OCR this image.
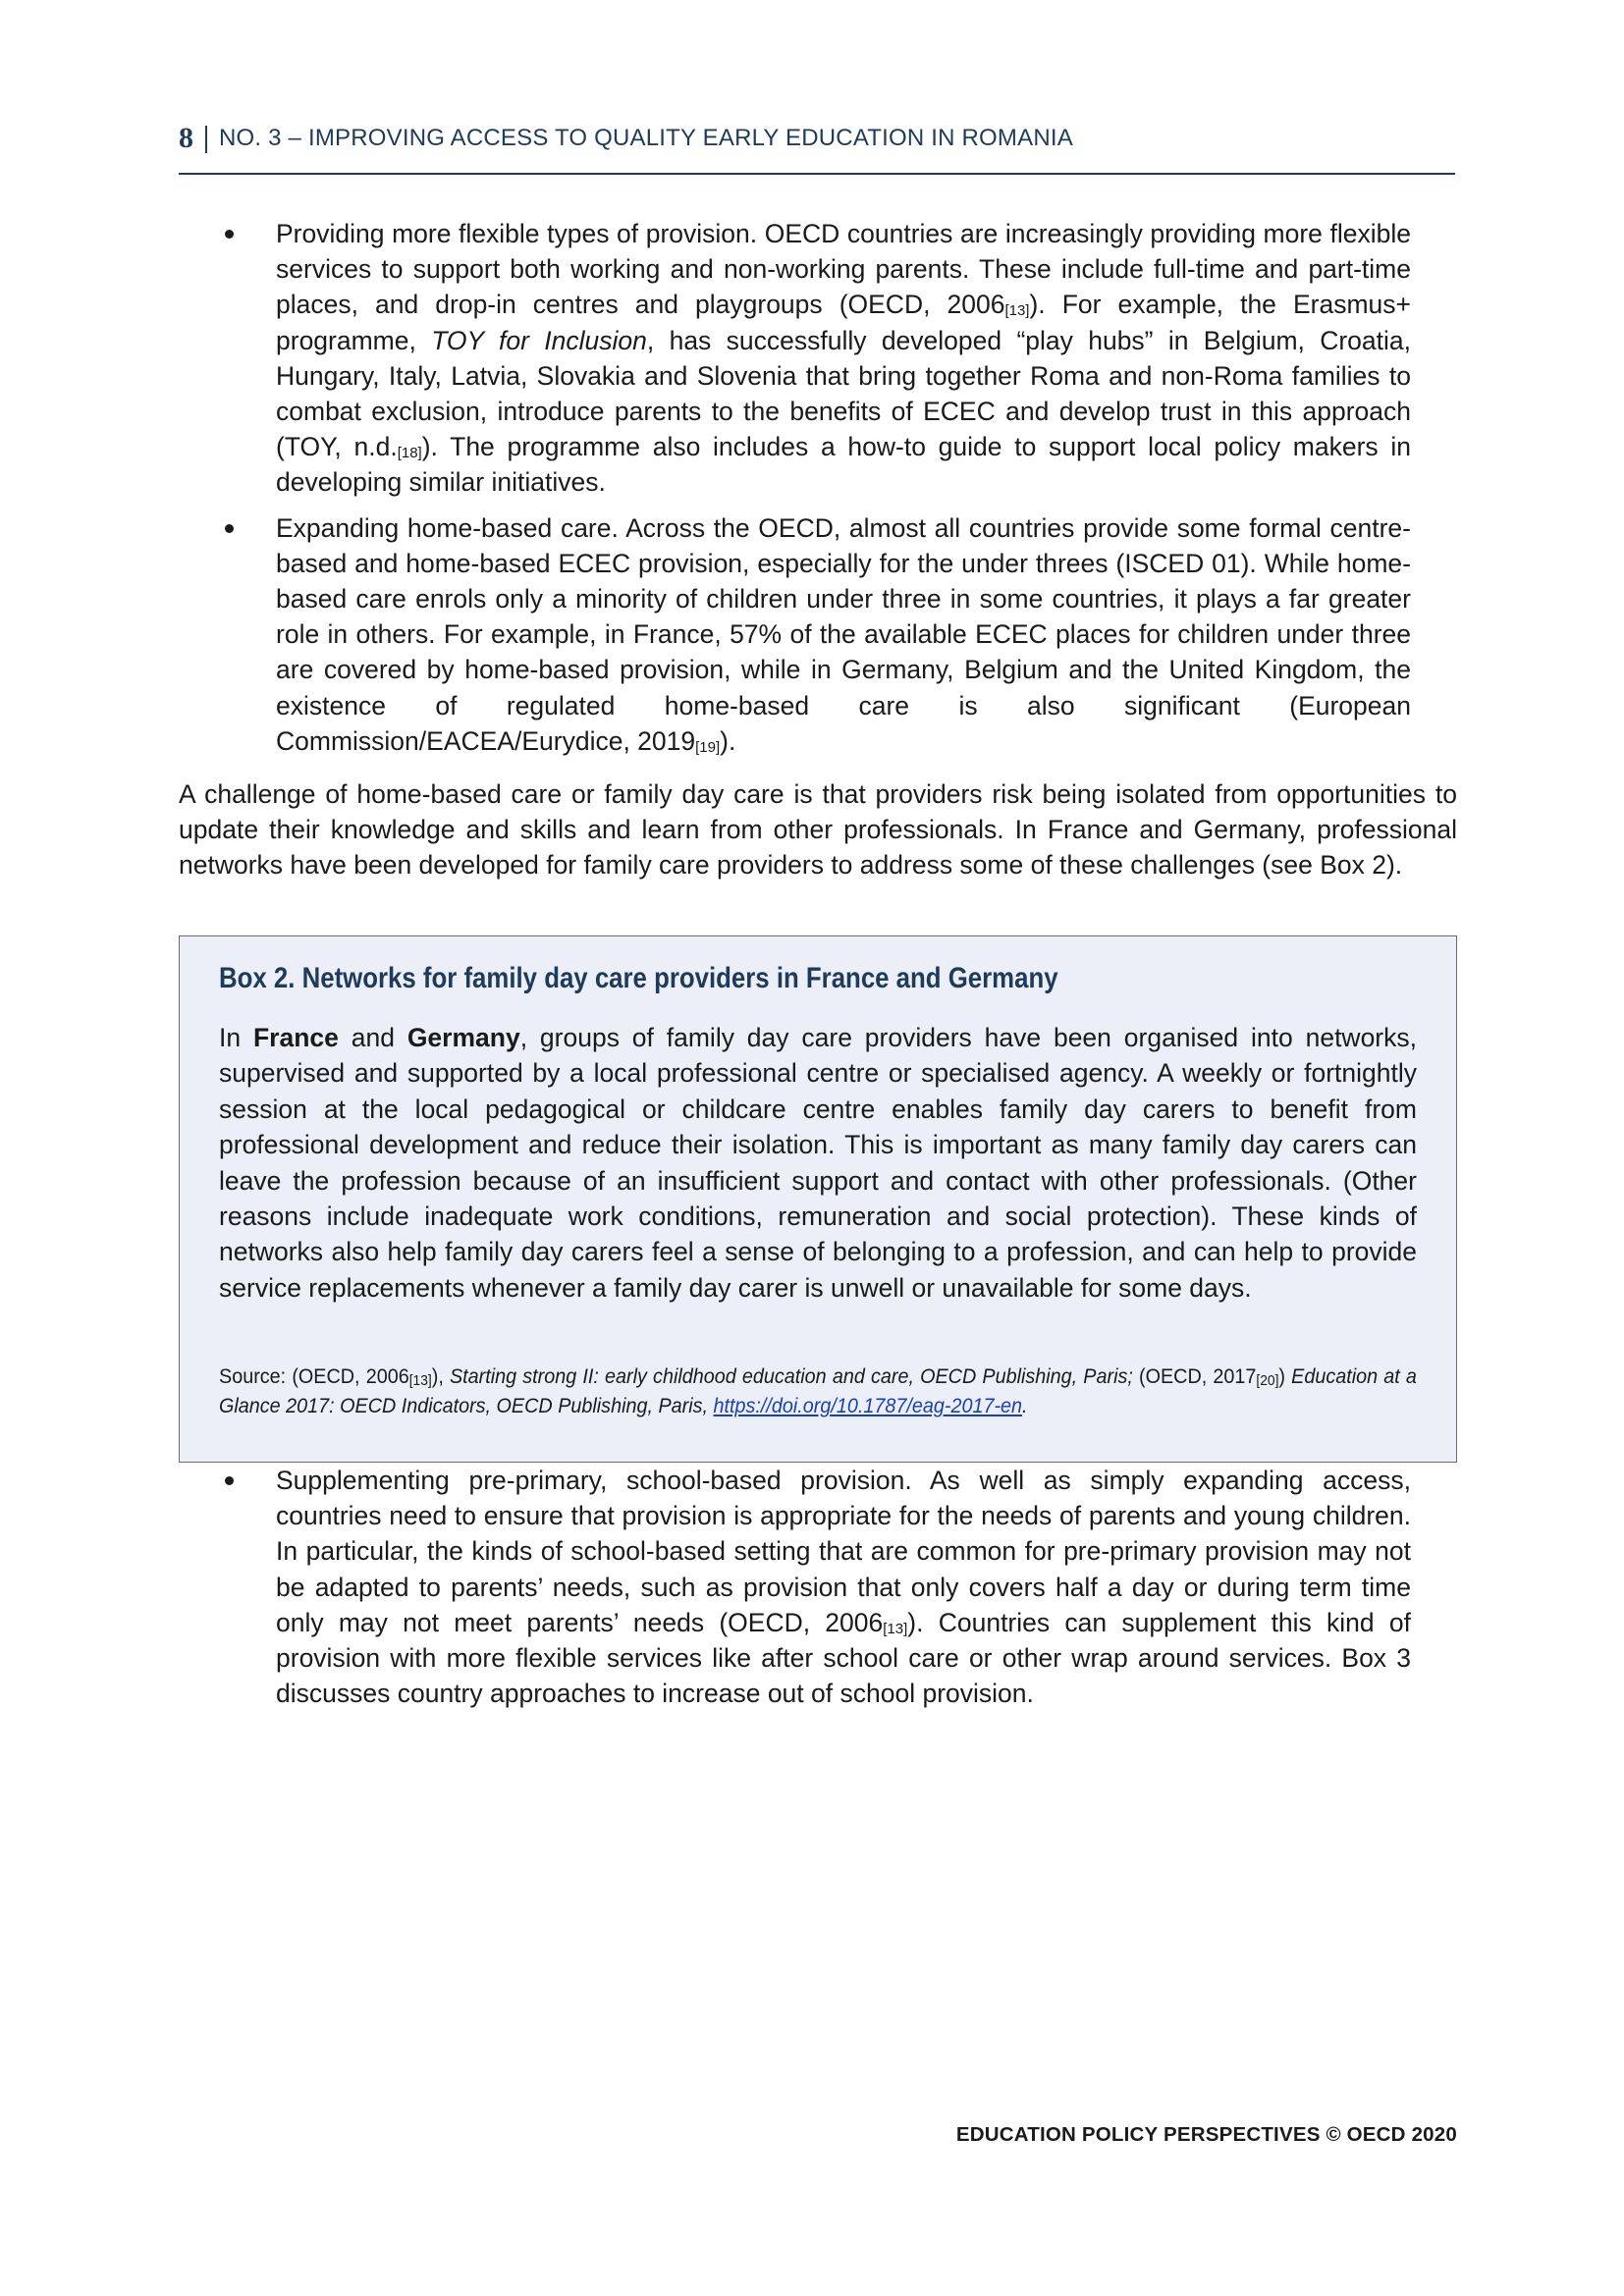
8 NO. 3 – IMPROVING ACCESS TO QUALITY EARLY EDUCATION IN ROMANIA
Providing more flexible types of provision. OECD countries are increasingly providing more flexible services to support both working and non-working parents. These include full-time and part-time places, and drop-in centres and playgroups (OECD, $2006_{[13]}$). For example, the Erasmus+ programme, TOY for Inclusion, has successfully developed “play hubs” in Belgium, Croatia, Hungary, Italy, Latvia, Slovakia and Slovenia that bring together Roma and non-Roma families to combat exclusion, introduce parents to the benefits of ECEC and develop trust in this approach (TOY, $n.d._{[18]}$). The programme also includes a how-to guide to support local policy makers in developing similar initiatives.
Expanding home-based care. Across the OECD, almost all countries provide some formal centre-based and home-based ECEC provision, especially for the under threes (ISCED 01). While home-based care enrols only a minority of children under three in some countries, it plays a far greater role in others. For example, in France, 57% of the available ECEC places for children under three are covered by home-based provision, while in Germany, Belgium and the United Kingdom, the existence of regulated home-based care is also significant (European Commission/EACEA/Eurydice, $2019_{[19]}$).

A challenge of home-based care or family day care is that providers risk being isolated from opportunities to update their knowledge and skills and learn from other professionals. In France and Germany, professional networks have been developed for family care providers to address some of these challenges (see Box 2).

Box 2. Networks for family day care providers in France and Germany

In France and Germany, groups of family day care providers have been organised into networks, supervised and supported by a local professional centre or specialised agency. A weekly or fortnightly session at the local pedagogical or childcare centre enables family day carers to benefit from professional development and reduce their isolation. This is important as many family day carers can leave the profession because of an insufficient support and contact with other professionals. (Other reasons include inadequate work conditions, remuneration and social protection). These kinds of networks also help family day carers feel a sense of belonging to a profession, and can help to provide service replacements whenever a family day carer is unwell or unavailable for some days.

Source: (OECD, $2006_{[13]}$), Starting strong II: early childhood education and care, OECD Publishing, Paris; (OECD, $2017_{[20]}$) Education at a Glance 2017: OECD Indicators, OECD Publishing, Paris, https://doi.org/10.1787/eag-2017-en.

Supplementing pre-primary, school-based provision. As well as simply expanding access, countries need to ensure that provision is appropriate for the needs of parents and young children. In particular, the kinds of school-based setting that are common for pre-primary provision may not be adapted to parents’ needs, such as provision that only covers half a day or during term time only may not meet parents’ needs (OECD, $2006_{[13]}$). Countries can supplement this kind of provision with more flexible services like after school care or other wrap around services. Box 3 discusses country approaches to increase out of school provision.
EDUCATION POLICY PERSPECTIVES © OECD 2020
